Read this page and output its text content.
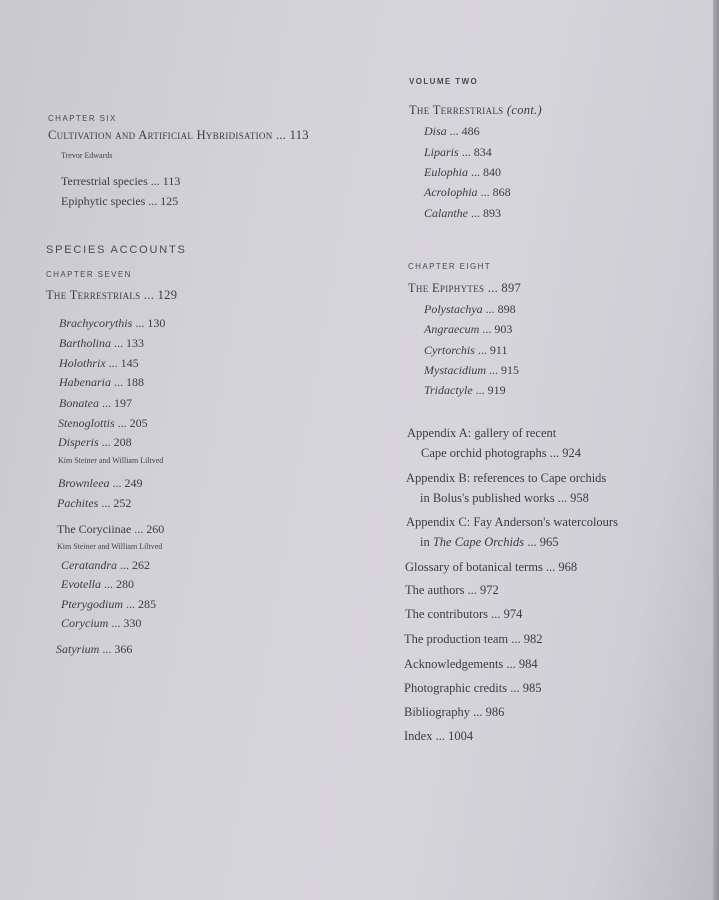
CHAPTER SIX
Cultivation and Artificial Hybridisation ... 113
Trevor Edwards
Terrestrial species ... 113
Epiphytic species ... 125
SPECIES ACCOUNTS
CHAPTER SEVEN
The Terrestrials ... 129
Brachycorythis ... 130
Bartholina ... 133
Holothrix ... 145
Habenaria ... 188
Bonatea ... 197
Stenoglottis ... 205
Disperis ... 208
Kim Steiner and William Liltved
Brownleea ... 249
Pachites ... 252
The Coryciinae ... 260
Kim Steiner and William Liltved
Ceratandra ... 262
Evotella ... 280
Pterygodium ... 285
Corycium ... 330
Satyrium ... 366
VOLUME TWO
The Terrestrials (cont.)
Disa ... 486
Liparis ... 834
Eulophia ... 840
Acrolophia ... 868
Calanthe ... 893
CHAPTER EIGHT
The Epiphytes ... 897
Polystachya ... 898
Angraecum ... 903
Cyrtorchis ... 911
Mystacidium ... 915
Tridactyle ... 919
Appendix A: gallery of recent
Cape orchid photographs ... 924
Appendix B: references to Cape orchids
in Bolus's published works ... 958
Appendix C: Fay Anderson's watercolours
in The Cape Orchids ... 965
Glossary of botanical terms ... 968
The authors ... 972
The contributors ... 974
The production team ... 982
Acknowledgements ... 984
Photographic credits ... 985
Bibliography ... 986
Index ... 1004
